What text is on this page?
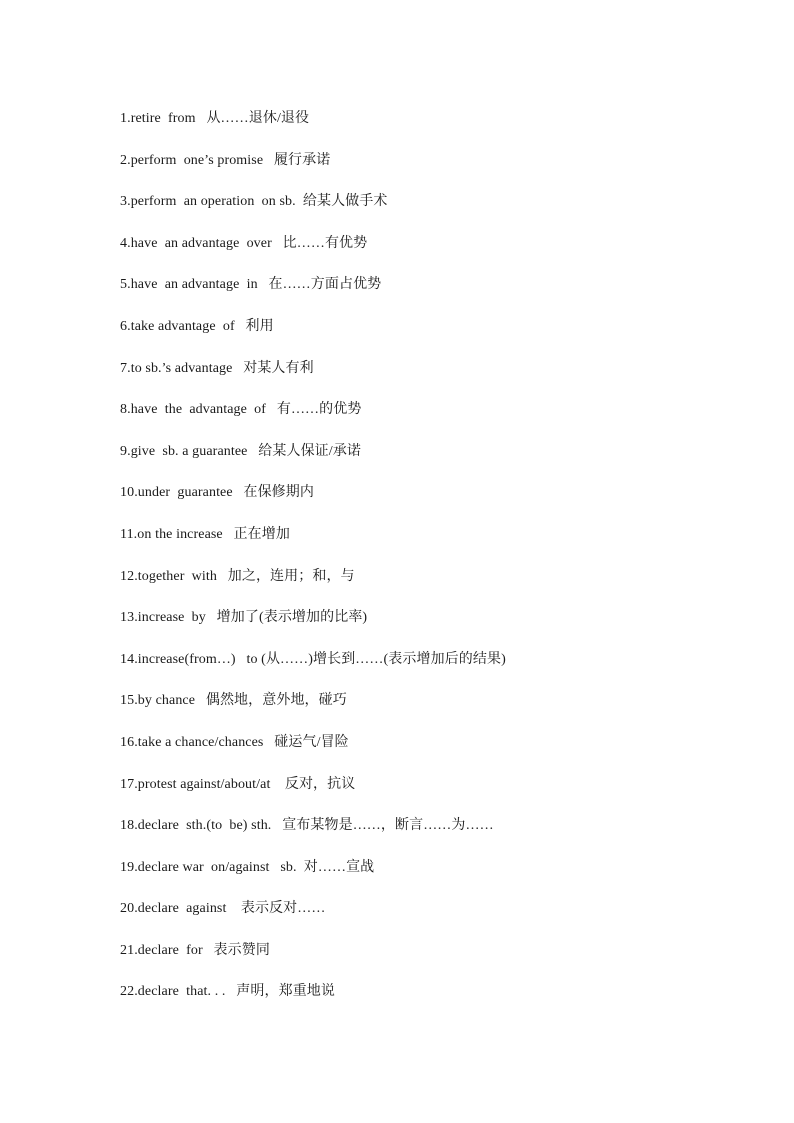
1.retire  from   从……退休/退役
2.perform  one’s promise   履行承诺
3.perform  an operation  on sb.  给某人做手术
4.have  an advantage  over   比……有优势
5.have  an advantage  in   在……方面占优势
6.take advantage  of   利用
7.to sb.’s advantage   对某人有利
8.have  the  advantage  of   有……的优势
9.give  sb. a guarantee   给某人保证/承诺
10.under  guarantee   在保修期内
11.on the increase   正在增加
12.together  with   加之，连用；和，与
13.increase  by   增加了(表示增加的比率)
14.increase(from…)   to (从……)增长到……(表示增加后的结果)
15.by chance   偶然地，意外地，碰巧
16.take a chance/chances   碰运气/冒险
17.protest against/about/at    反对，抗议
18.declare  sth.(to  be) sth.   宣布某物是……，断言……为……
19.declare war  on/against   sb.  对……宣战
20.declare  against    表示反对……
21.declare  for   表示赞同
22.declare  that. . .   声明，郑重地说
